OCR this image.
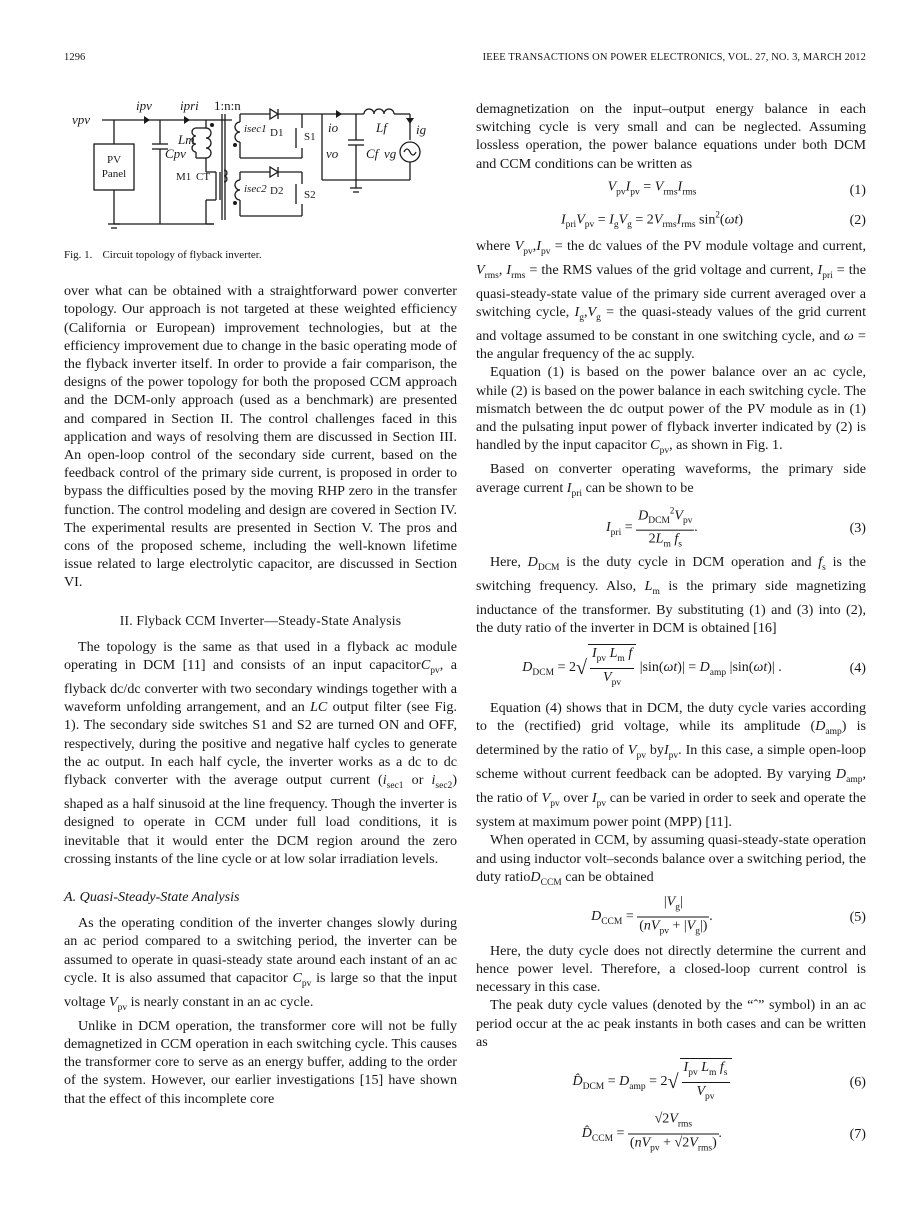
1296	IEEE TRANSACTIONS ON POWER ELECTRONICS, VOL. 27, NO. 3, MARCH 2012
vpv
ipv ipri 1:n:n
Cpv
Lm
M1 CT
isec1
isec2
D1
D2
S1
S2
io	Lf ig
vo Cf vg
PV
Panel
Fig. 1. Circuit topology of flyback inverter.

over what can be obtained with a straightforward power converter topology. Our approach is not targeted at these weighted efficiency (California or European) improvement technologies, but at the efficiency improvement due to change in the basic operating mode of the flyback inverter itself. In order to provide a fair comparison, the designs of the power topology for both the proposed CCM approach and the DCM-only approach (used as a benchmark) are presented and compared in Section II. The control challenges faced in this application and ways of resolving them are discussed in Section III. An open-loop control of the secondary side current, based on the feedback control of the primary side current, is proposed in order to bypass the difficulties posed by the moving RHP zero in the transfer function. The control modeling and design are covered in Section IV. The experimental results are presented in Section V. The pros and cons of the proposed scheme, including the well-known lifetime issue related to large electrolytic capacitor, are discussed in Section VI.

II. Flyback CCM Inverter—Steady-State Analysis

The topology is the same as that used in a flyback ac module operating in DCM [11] and consists of an input capacitorC$_{pv}$, a flyback dc/dc converter with two secondary windings together with a waveform unfolding arrangement, and an LC output filter (see Fig. 1). The secondary side switches S1 and S2 are turned ON and OFF, respectively, during the positive and negative half cycles to generate the ac output. In each half cycle, the inverter works as a dc to dc flyback converter with the average output current ($i_{sec1}$ or $i_{sec2}$) shaped as a half sinusoid at the line frequency. Though the inverter is designed to operate in CCM under full load conditions, it is inevitable that it would enter the DCM region around the zero crossing instants of the line cycle or at low solar irradiation levels.

A. Quasi-Steady-State Analysis

As the operating condition of the inverter changes slowly during an ac period compared to a switching period, the inverter can be assumed to operate in quasi-steady state around each instant of an ac cycle. It is also assumed that capacitor $C_{pv}$ is large so that the input voltage $V_{pv}$ is nearly constant in an ac cycle.

Unlike in DCM operation, the transformer core will not be fully demagnetized in CCM operation in each switching cycle. This causes the transformer core to serve as an energy buffer, adding to the order of the system. However, our earlier investigations [15] have shown that the effect of this incomplete core

demagnetization on the input–output energy balance in each switching cycle is very small and can be neglected. Assuming lossless operation, the power balance equations under both DCM and CCM conditions can be written as

$V_{pv}I_{pv} = V_{rms}I_{rms}$	(1)
$I_{pri}V_{pv} = I_gV_g = 2V_{rms}I_{rms}$ $\sin^2(\omega t)$	(2)

where $V_{pv},I_{pv}$ = the dc values of the PV module voltage and current, $V_{rms}$, $I_{rms}$ = the RMS values of the grid voltage and current, $I_{pri}$ = the quasi-steady-state value of the primary side current averaged over a switching cycle, $I_g,V_g$ = the quasi-steady values of the grid current and voltage assumed to be constant in one switching cycle, and ω = the angular frequency of the ac supply.

Equation (1) is based on the power balance over an ac cycle, while (2) is based on the power balance in each switching cycle. The mismatch between the dc output power of the PV module as in (1) and the pulsating input power of flyback inverter indicated by (2) is handled by the input capacitor $C_{pv}$, as shown in Fig. 1.

Based on converter operating waveforms, the primary side average current $I_{pri}$ can be shown to be

$I_{pri} = \frac{D_{DCM}^2V_{pv}}{2L_m f_s}$ .	(3)

Here, $D_{DCM}$ is the duty cycle in DCM operation and $f_s$ is the switching frequency. Also, $L_m$ is the primary side magnetizing inductance of the transformer. By substituting (1) and (3) into (2), the duty ratio of the inverter in DCM is obtained [16]

$D_{DCM} = 2√ \frac{I_{pv} L_m f}{V_{pv}} |\sin(\omega t)| = D_{amp}$ |sin(ωt)| .	(4)

Equation (4) shows that in DCM, the duty cycle varies according to the (rectified) grid voltage, while its amplitude $(D_{amp})$ is determined by the ratio of $V_{pv}$ byI$_{pv}$. In this case, a simple open-loop scheme without current feedback can be adopted. By varying $D_{amp}$, the ratio of $V_{pv}$ over $I_{pv}$ can be varied in order to seek and operate the system at maximum power point (MPP) [11].

When operated in CCM, by assuming quasi-steady-state operation and using inductor volt–seconds balance over a switching period, the duty ratioD$_{CCM}$ can be obtained

$D_{CCM} = \frac{|V_g|}{(nV_{pv} + |V_g|)}$ .	(5)

Here, the duty cycle does not directly determine the current and hence power level. Therefore, a closed-loop current control is necessary in this case.

The peak duty cycle values (denoted by the “ˆ” symbol) in an ac period occur at the ac peak instants in both cases and can be written as

$D̂_{DCM} = D_{amp} = 2√ \frac{I_{pv} L_m f_s}{V_{pv}}$	(6)
$D̂_{CCM} = \frac{√2V_{rms}}{(nV_{pv} + √2V_{rms})}$ .	(7)
